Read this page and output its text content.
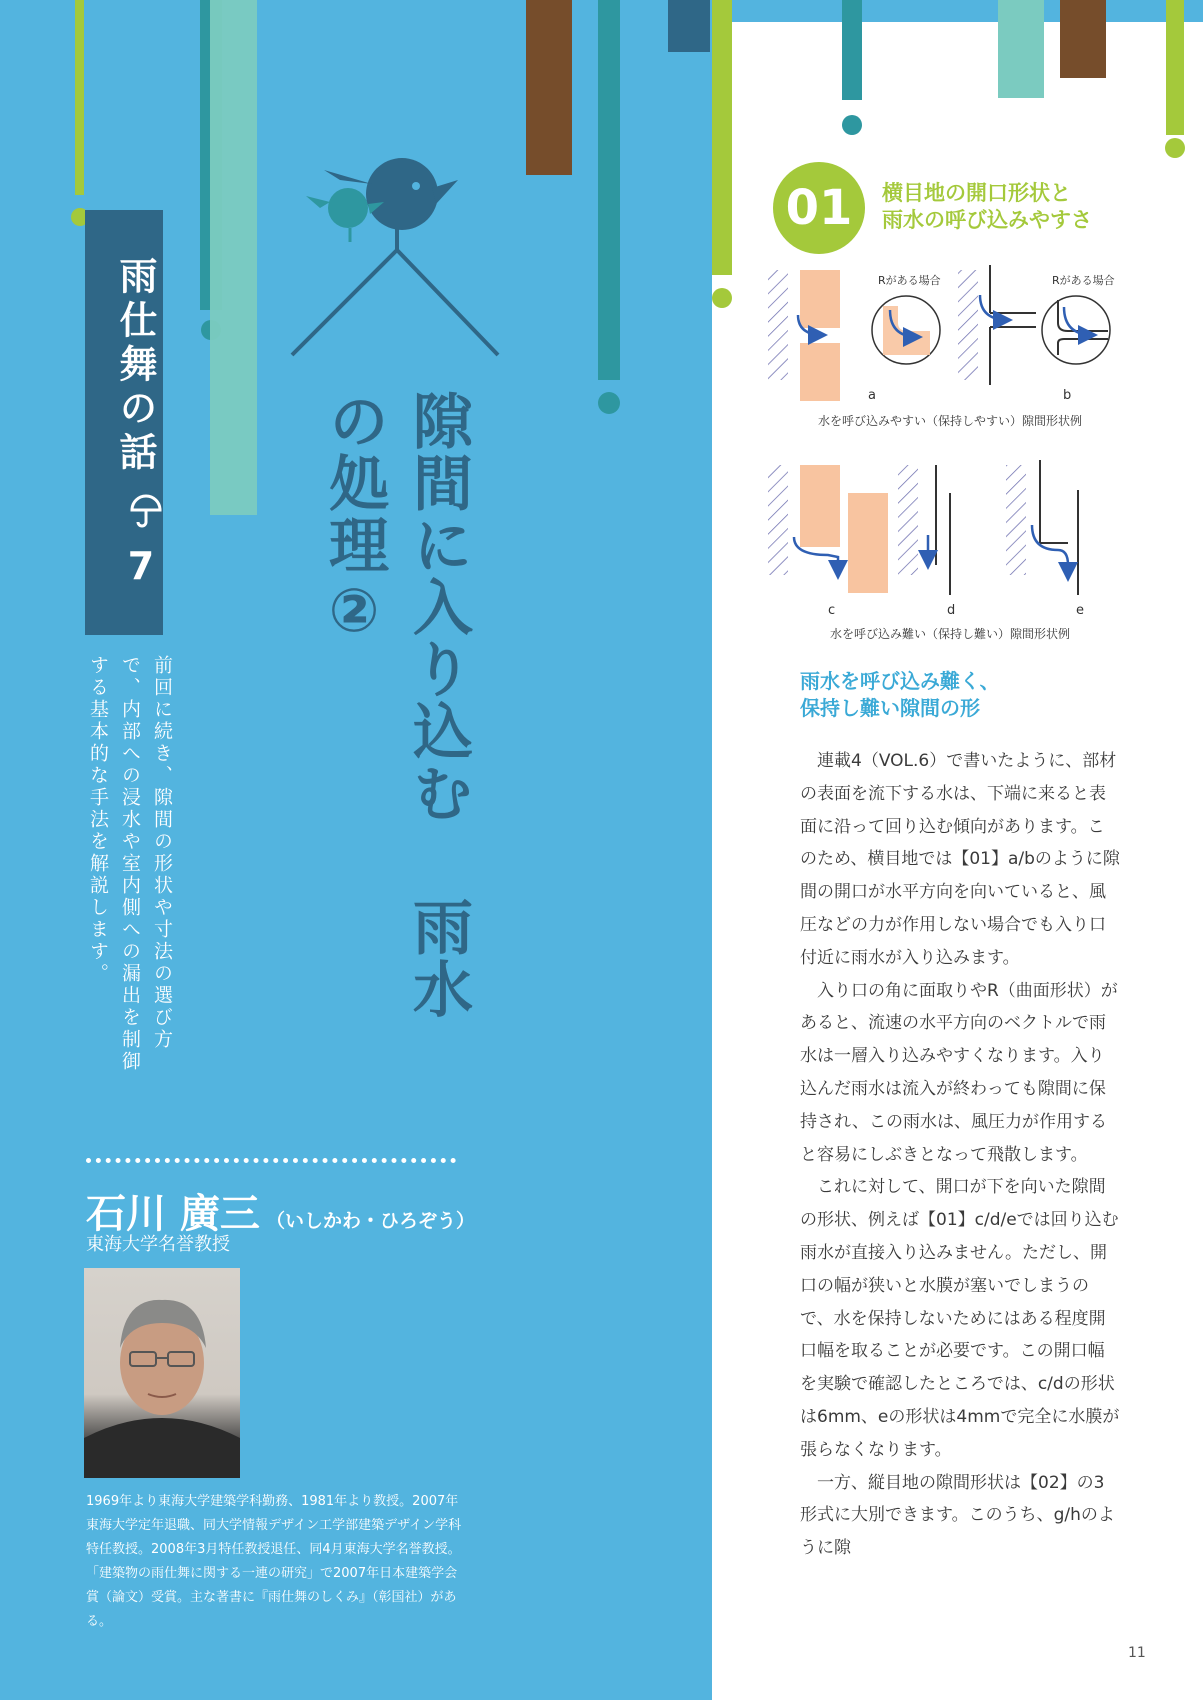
雨仕舞の話
7
前回に続き、隙間の形状や寸法の選び方で、内部への浸水や室内側への漏出を制御する基本的な手法を解説します。	隙間に入り込む 雨水の処理②
石川 廣三 （いしかわ・ひろぞう）
東海大学名誉教授
1969年より東海大学建築学科勤務、1981年より教授。2007年東海大学定年退職、同大学情報デザイン工学部建築デザイン学科特任教授。2008年3月特任教授退任、同4月東海大学名誉教授。「建築物の雨仕舞に関する一連の研究」で2007年日本建築学会賞（論文）受賞。主な著書に『雨仕舞のしくみ』（彰国社）がある。
01	横目地の開口形状と
雨水の呼び込みやすさ
Rがある場合	Rがある場合
a	b
水を呼び込みやすい（保持しやすい）隙間形状例
c	d	e
水を呼び込み難い（保持し難い）隙間形状例
雨水を呼び込み難く、
保持し難い隙間の形

連載4（VOL.6）で書いたように、部材の表面を流下する水は、下端に来ると表面に沿って回り込む傾向があります。このため、横目地では【01】a/bのように隙間の開口が水平方向を向いていると、風圧などの力が作用しない場合でも入り口付近に雨水が入り込みます。

入り口の角に面取りやR（曲面形状）があると、流速の水平方向のベクトルで雨水は一層入り込みやすくなります。入り込んだ雨水は流入が終わっても隙間に保持され、この雨水は、風圧力が作用すると容易にしぶきとなって飛散します。

これに対して、開口が下を向いた隙間の形状、例えば【01】c/d/eでは回り込む雨水が直接入り込みません。ただし、開口の幅が狭いと水膜が塞いでしまうので、水を保持しないためにはある程度開口幅を取ることが必要です。この開口幅を実験で確認したところでは、c/dの形状は6mm、eの形状は4mmで完全に水膜が張らなくなります。

一方、縦目地の隙間形状は【02】の3形式に大別できます。このうち、g/hのように隙

11
